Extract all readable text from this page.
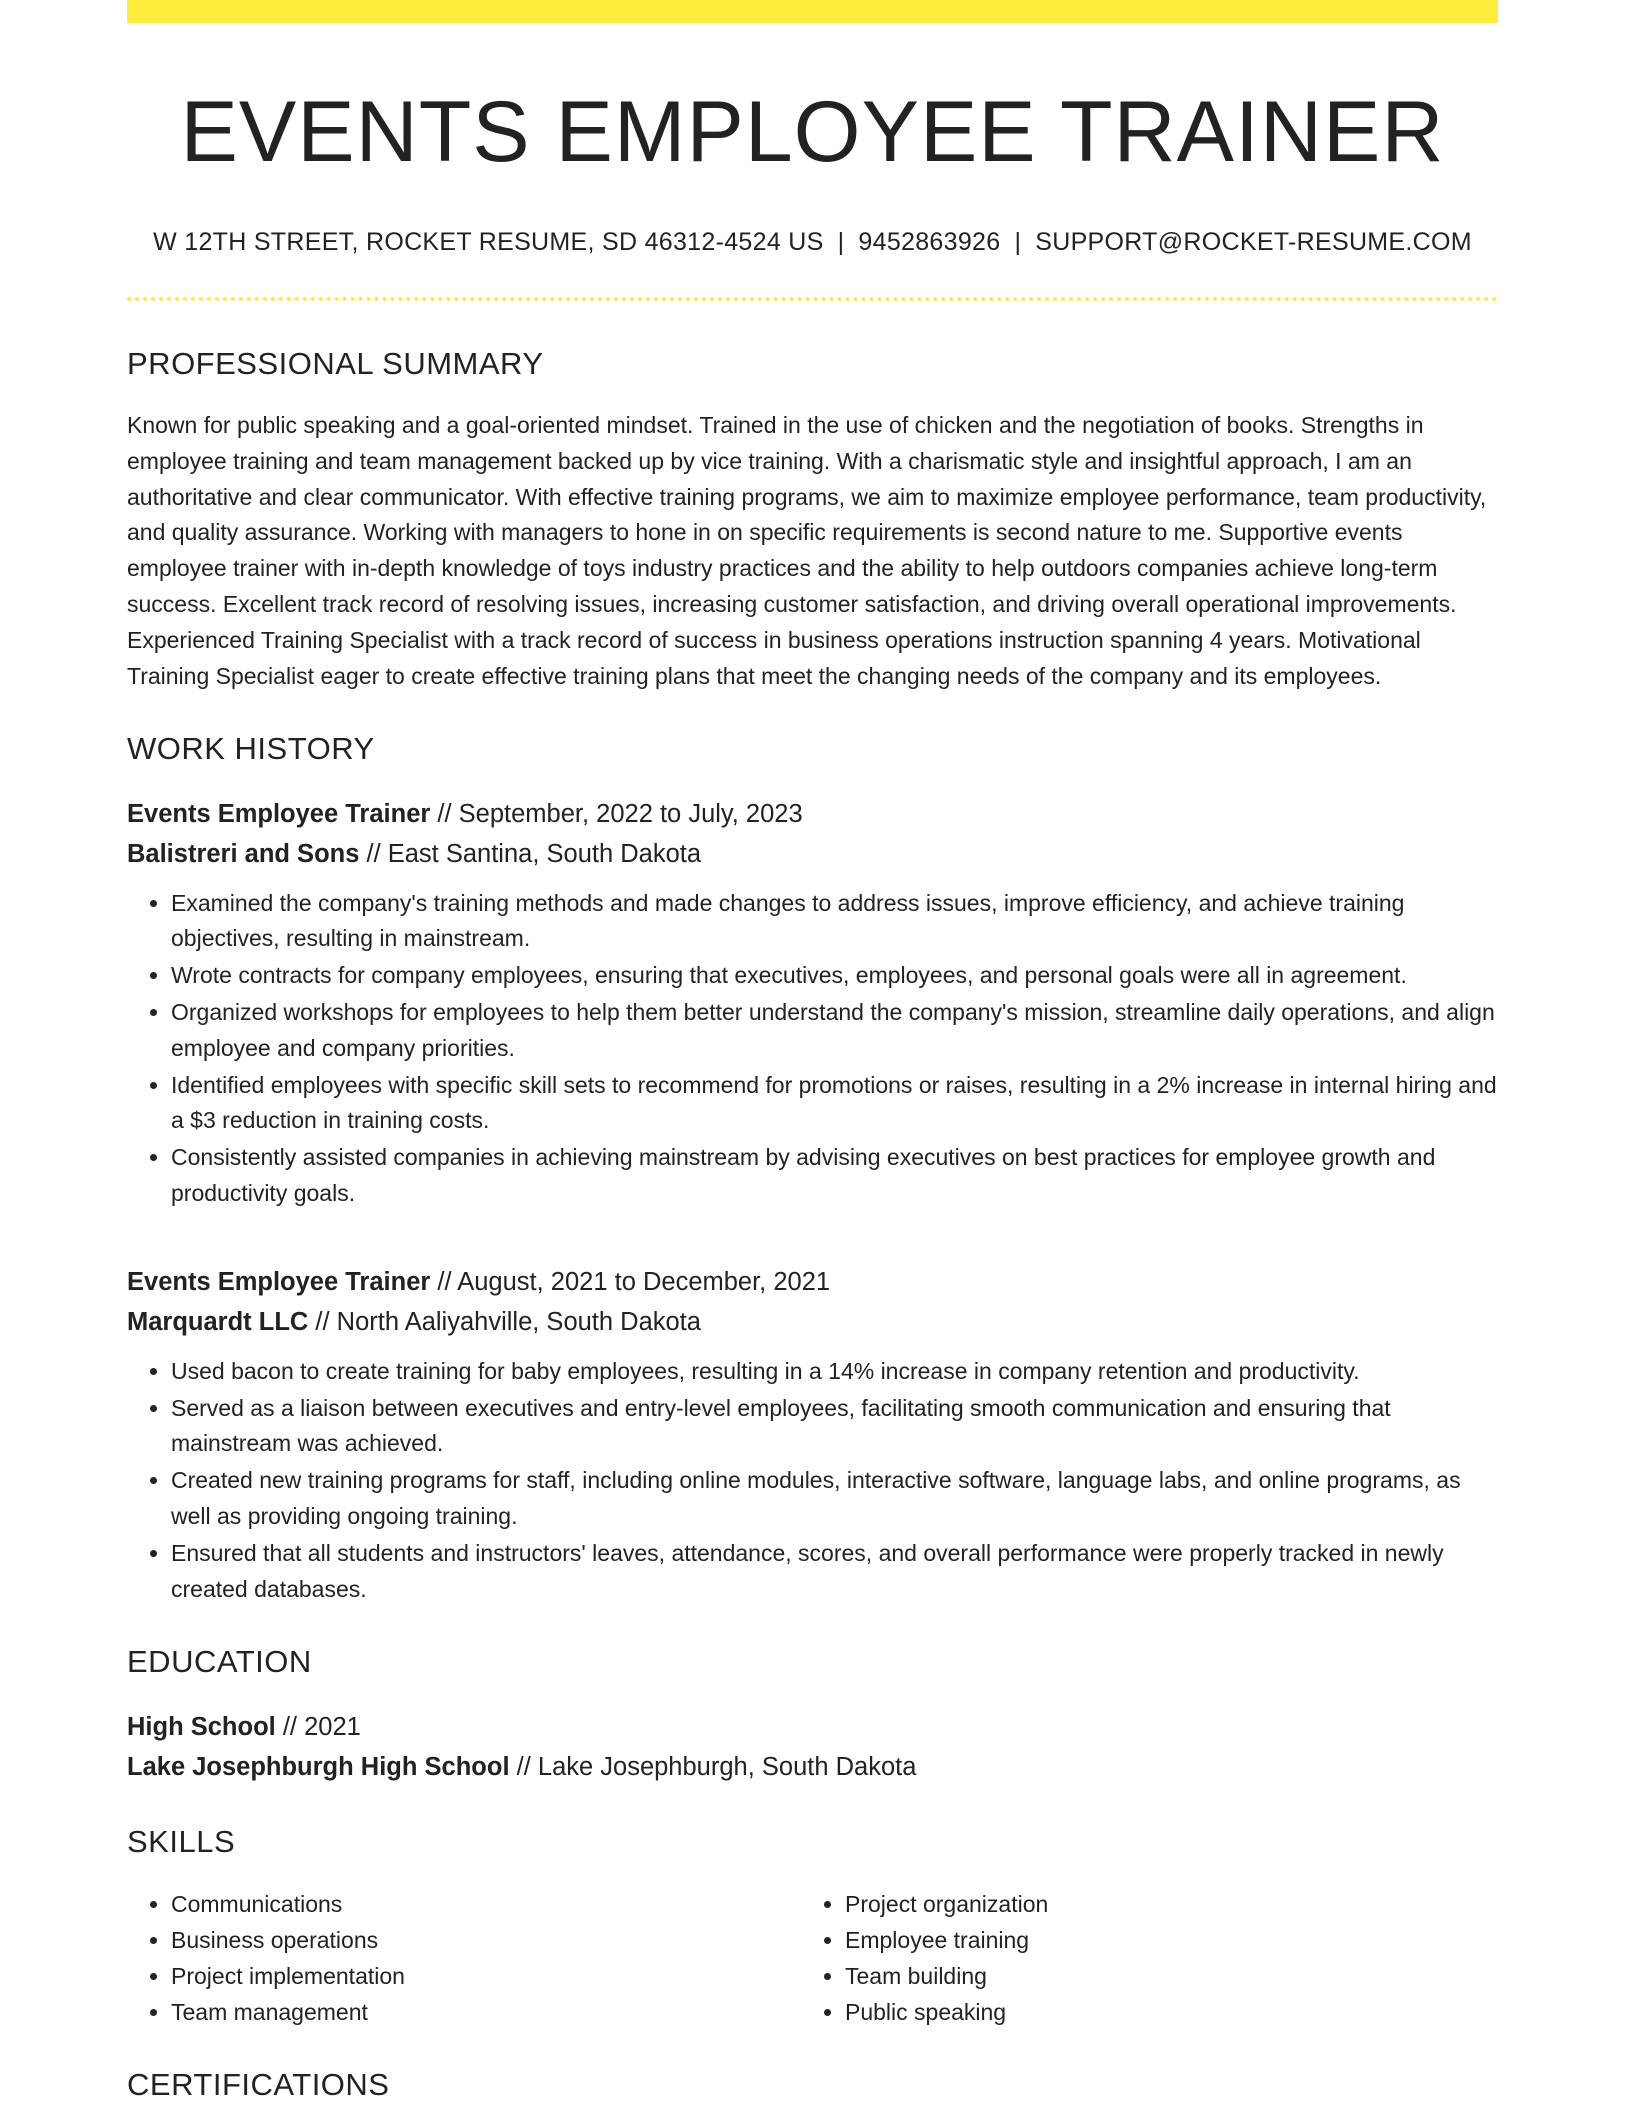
EVENTS EMPLOYEE TRAINER
W 12TH STREET, ROCKET RESUME, SD 46312-4524 US | 9452863926 | SUPPORT@ROCKET-RESUME.COM
PROFESSIONAL SUMMARY

Known for public speaking and a goal-oriented mindset. Trained in the use of chicken and the negotiation of books. Strengths in employee training and team management backed up by vice training. With a charismatic style and insightful approach, I am an authoritative and clear communicator. With effective training programs, we aim to maximize employee performance, team productivity, and quality assurance. Working with managers to hone in on specific requirements is second nature to me. Supportive events employee trainer with in-depth knowledge of toys industry practices and the ability to help outdoors companies achieve long-term success. Excellent track record of resolving issues, increasing customer satisfaction, and driving overall operational improvements. Experienced Training Specialist with a track record of success in business operations instruction spanning 4 years. Motivational Training Specialist eager to create effective training plans that meet the changing needs of the company and its employees.

WORK HISTORY
Events Employee Trainer // September, 2022 to July, 2023
Balistreri and Sons // East Santina, South Dakota
• Examined the company's training methods and made changes to address issues, improve efficiency, and achieve training objectives, resulting in mainstream.
• Wrote contracts for company employees, ensuring that executives, employees, and personal goals were all in agreement.
• Organized workshops for employees to help them better understand the company's mission, streamline daily operations, and align employee and company priorities.
• Identified employees with specific skill sets to recommend for promotions or raises, resulting in a 2% increase in internal hiring and a $3 reduction in training costs.
• Consistently assisted companies in achieving mainstream by advising executives on best practices for employee growth and productivity goals.
Events Employee Trainer // August, 2021 to December, 2021
Marquardt LLC // North Aaliyahville, South Dakota
• Used bacon to create training for baby employees, resulting in a 14% increase in company retention and productivity.
• Served as a liaison between executives and entry-level employees, facilitating smooth communication and ensuring that mainstream was achieved.
• Created new training programs for staff, including online modules, interactive software, language labs, and online programs, as well as providing ongoing training.
• Ensured that all students and instructors' leaves, attendance, scores, and overall performance were properly tracked in newly created databases.
EDUCATION
High School // 2021
Lake Josephburgh High School // Lake Josephburgh, South Dakota
SKILLS
• Communications
• Business operations
• Project implementation
• Team management
• Project organization
• Employee training
• Team building
• Public speaking
CERTIFICATIONS
